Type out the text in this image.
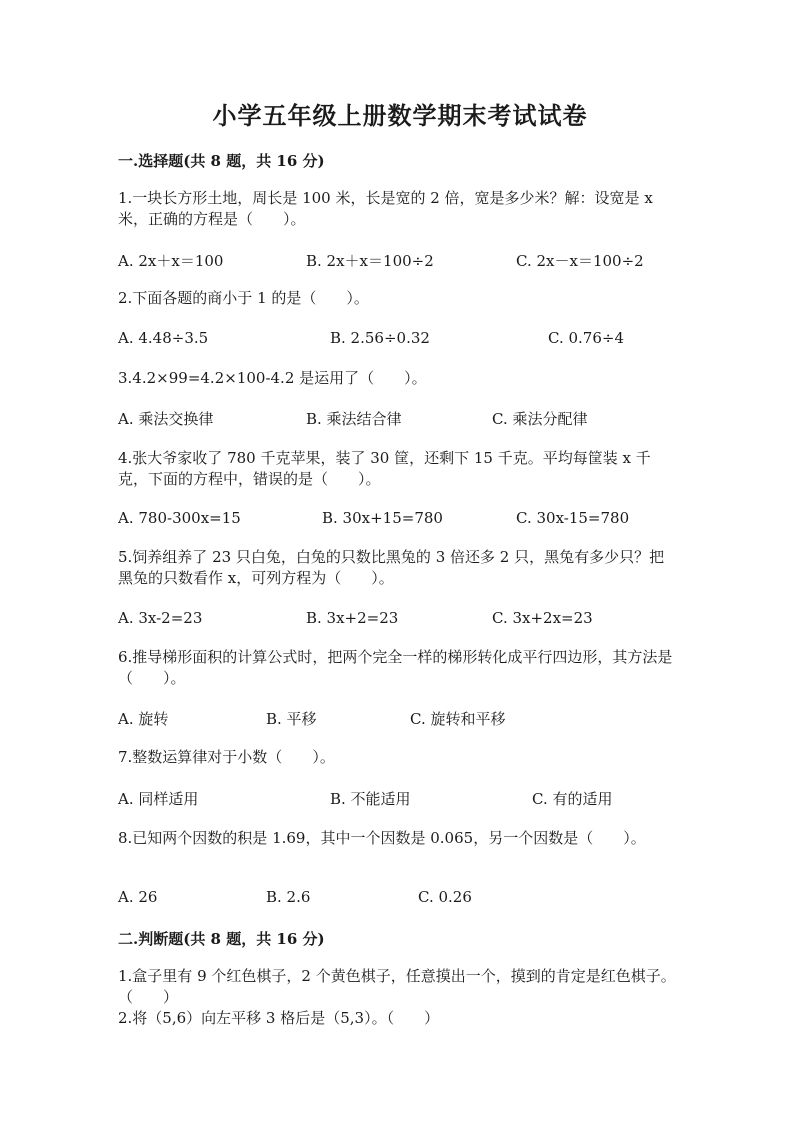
小学五年级上册数学期末考试试卷
一.选择题(共 8 题，共 16 分)
1.一块长方形土地，周长是 100 米，长是宽的 2 倍，宽是多少米？解：设宽是 x 米，正确的方程是（　　）。
A. 2x＋x＝100	B. 2x＋x＝100÷2	C. 2x－x＝100÷2
2.下面各题的商小于 1 的是（　　）。
A. 4.48÷3.5	B. 2.56÷0.32	C. 0.76÷4
3.4.2×99=4.2×100-4.2 是运用了（　　）。
A. 乘法交换律	B. 乘法结合律	C. 乘法分配律
4.张大爷家收了 780 千克苹果，装了 30 筐，还剩下 15 千克。平均每筐装 x 千克，下面的方程中，错误的是（　　）。
A. 780-300x=15	B. 30x+15=780	C. 30x-15=780
5.饲养组养了 23 只白兔，白兔的只数比黑兔的 3 倍还多 2 只，黑兔有多少只？把黑兔的只数看作 x，可列方程为（　　）。
A. 3x-2=23	B. 3x+2=23	C. 3x+2x=23
6.推导梯形面积的计算公式时，把两个完全一样的梯形转化成平行四边形，其方法是（　　）。
A. 旋转	B. 平移	C. 旋转和平移
7.整数运算律对于小数（　　）。
A. 同样适用	B. 不能适用	C. 有的适用
8.已知两个因数的积是 1.69，其中一个因数是 0.065，另一个因数是（　　）。
A. 26	B. 2.6	C. 0.26
二.判断题(共 8 题，共 16 分)
1.盒子里有 9 个红色棋子，2 个黄色棋子，任意摸出一个，摸到的肯定是红色棋子。（　　）
2.将（5,6）向左平移 3 格后是（5,3）。（　　）
